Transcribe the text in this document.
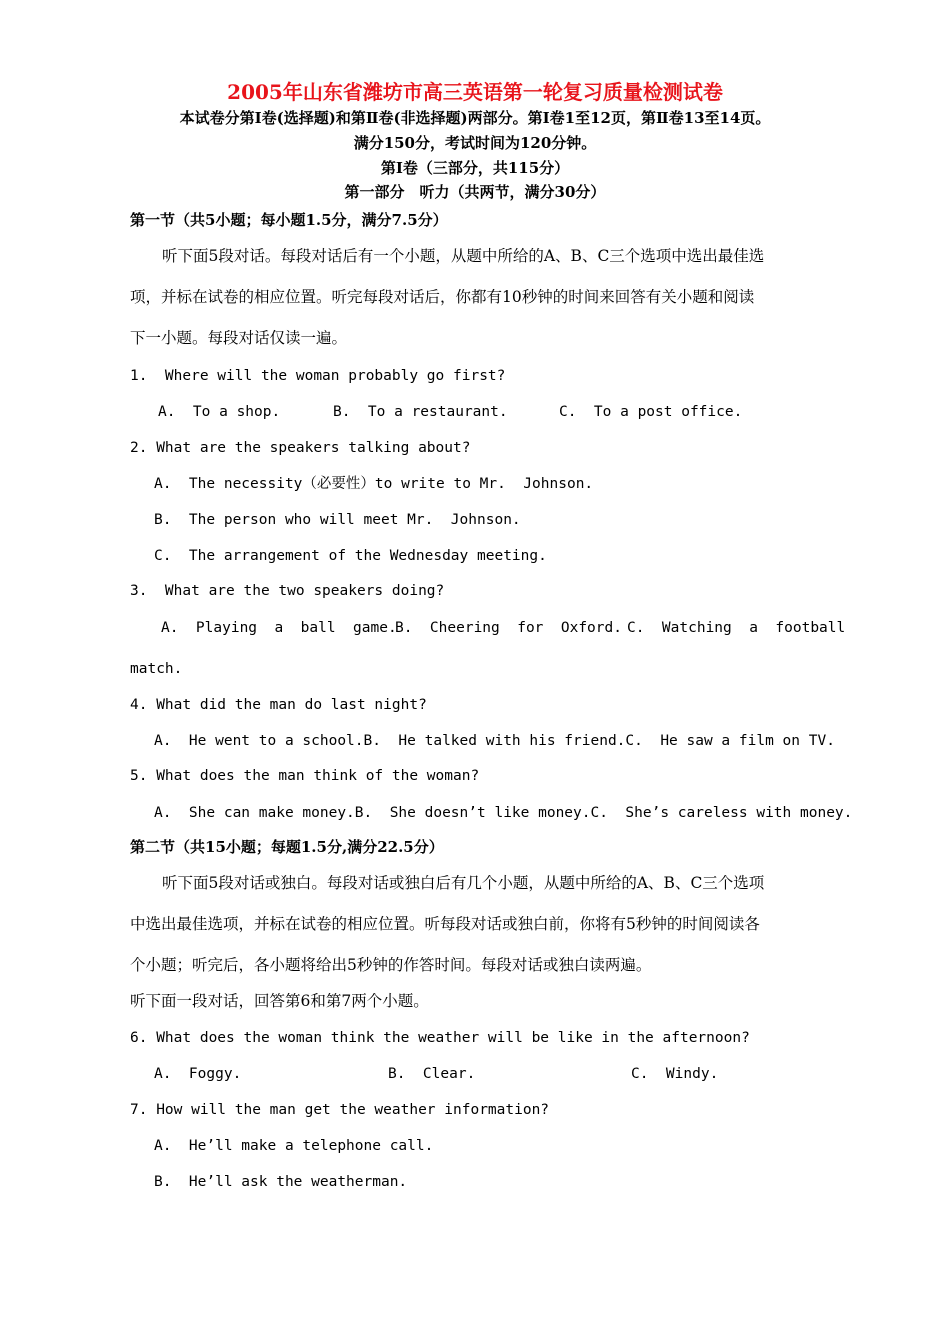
2005年山东省潍坊市高三英语第一轮复习质量检测试卷
本试卷分第Ⅰ卷(选择题)和第Ⅱ卷(非选择题)两部分。第Ⅰ卷1至12页，第Ⅱ卷13至14页。
满分150分，考试时间为120分钟。
第Ⅰ卷（三部分，共115分）
第一部分　听力（共两节，满分30分）
第一节（共5小题；每小题1.5分，满分7.5分）
听下面5段对话。每段对话后有一个小题，从题中所给的A、B、C三个选项中选出最佳选
项，并标在试卷的相应位置。听完每段对话后，你都有10秒钟的时间来回答有关小题和阅读
下一小题。每段对话仅读一遍。
1.  Where will the woman probably go first?
A.  To a shop.	B.  To a restaurant.	C.  To a post office.
2. What are the speakers talking about?
A.  The necessity（必要性）to write to Mr.  Johnson.
B.  The person who will meet Mr.  Johnson.
C.  The arrangement of the Wednesday meeting.
3.  What are the two speakers doing?
A.  Playing  a  ball  game.
B.  Cheering  for  Oxford. C.  Watching  a  football
match.
4. What did the man do last night?
A.  He went to a school.B.  He talked with his friend.C.  He saw a film on TV.
5. What does the man think of the woman?
A.  She can make money.B.  She doesn’t like money.C.  She’s careless with money.
第二节（共15小题；每题1.5分,满分22.5分）
听下面5段对话或独白。每段对话或独白后有几个小题，从题中所给的A、B、C三个选项
中选出最佳选项，并标在试卷的相应位置。听每段对话或独白前，你将有5秒钟的时间阅读各
个小题；听完后，各小题将给出5秒钟的作答时间。每段对话或独白读两遍。
听下面一段对话，回答第6和第7两个小题。
6. What does the woman think the weather will be like in the afternoon?
A.  Foggy.	B.  Clear.	C.  Windy.
7. How will the man get the weather information?
A.  He’ll make a telephone call.
B.  He’ll ask the weatherman.
